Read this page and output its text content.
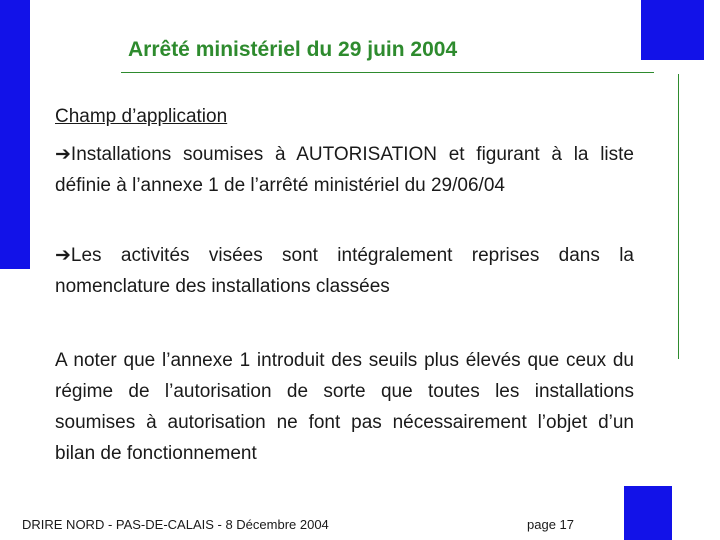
Arrêté ministériel du 29 juin 2004
Champ d’application
➔Installations soumises à AUTORISATION et figurant à la liste définie à l’annexe 1 de l’arrêté ministériel du 29/06/04
➔Les activités visées sont intégralement reprises dans la nomenclature des installations classées
A noter que l’annexe 1 introduit des seuils plus élevés que ceux du régime de l’autorisation de sorte que toutes les installations soumises à autorisation ne font pas nécessairement l’objet d’un bilan de fonctionnement
DRIRE NORD - PAS-DE-CALAIS - 8 Décembre 2004	page 17
